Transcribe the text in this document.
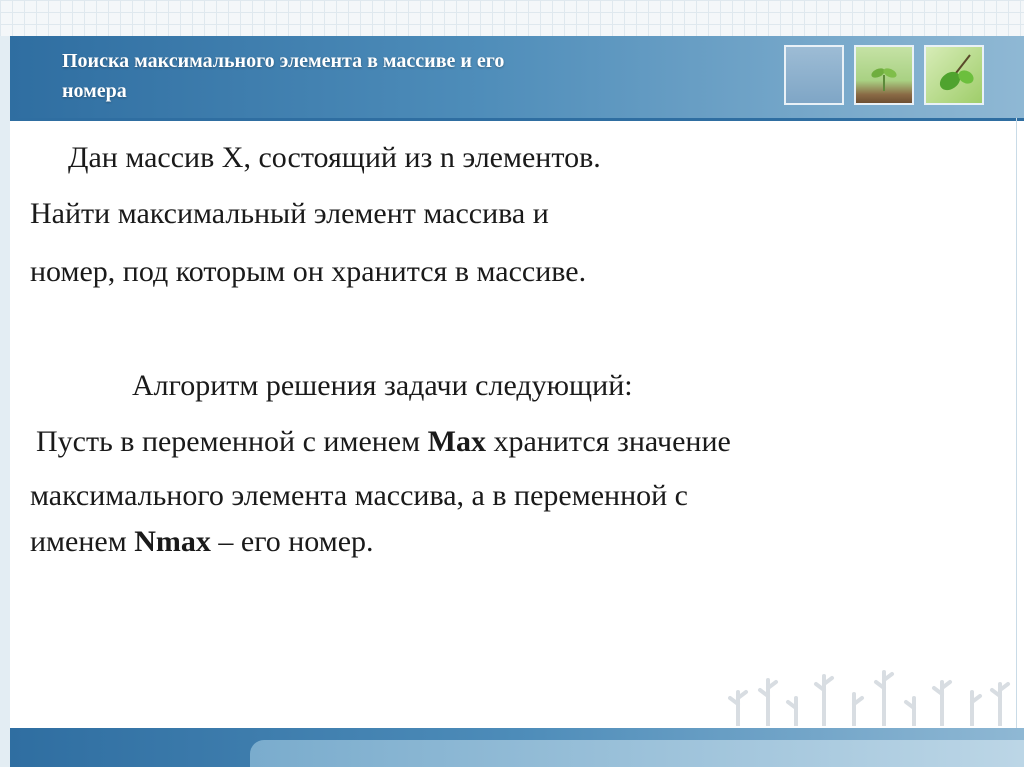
Поиска максимального элемента в массиве и его
номера
Дан массив Х, состоящий из n элементов.
Найти максимальный элемент массива и
номер, под которым он хранится в массиве.
Алгоритм решения задачи следующий:
Пусть в переменной с именем Max хранится значение
максимального элемента массива, а в переменной с
именем Nmax – его номер.
